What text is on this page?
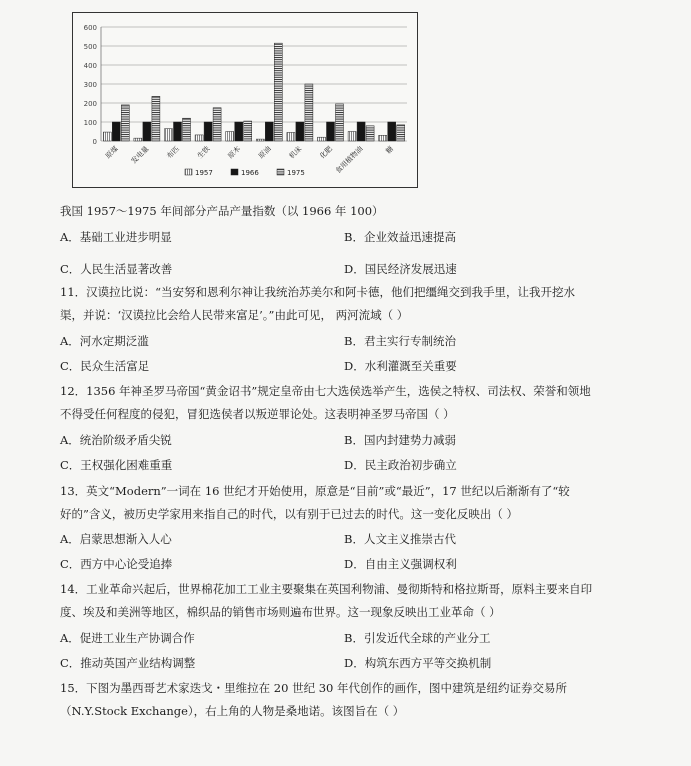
0
100
200
300
400
500
600
原煤 发电量 布匹 生铁 原木 原油 机床 化肥 食用植物油	糖
1957	1966	1975
我国 1957～1975 年间部分产品产量指数（以 1966 年 100）
A．基础工业进步明显	B．企业效益迅速提高
C．人民生活显著改善	D．国民经济发展迅速
11．汉谟拉比说：“当安努和恩利尔神让我统治苏美尔和阿卡德，他们把缰绳交到我手里，让我开挖水
渠，并说：‘汉谟拉比会给人民带来富足’。”由此可见， 两河流域（ ）
A．河水定期泛滥	B．君主实行专制统治
C．民众生活富足	D．水利灌溉至关重要
12．1356 年神圣罗马帝国“黄金诏书”规定皇帝由七大选侯选举产生，选侯之特权、司法权、荣誉和领地
不得受任何程度的侵犯，冒犯选侯者以叛逆罪论处。这表明神圣罗马帝国（ ）
A．统治阶级矛盾尖锐	B．国内封建势力减弱
C．王权强化困难重重	D．民主政治初步确立
13．英文“Modern”一词在 16 世纪才开始使用，原意是“目前”或“最近”，17 世纪以后渐渐有了“较
好的”含义，被历史学家用来指自己的时代，以有别于已过去的时代。这一变化反映出（ ）
A．启蒙思想渐入人心	B．人文主义推崇古代
C．西方中心论受追捧	D．自由主义强调权利
14．工业革命兴起后，世界棉花加工工业主要聚集在英国利物浦、曼彻斯特和格拉斯哥，原料主要来自印
度、埃及和美洲等地区，棉织品的销售市场则遍布世界。这一现象反映出工业革命（ ）
A．促进工业生产协调合作	B．引发近代全球的产业分工
C．推动英国产业结构调整	D．构筑东西方平等交换机制
15．下图为墨西哥艺术家迭戈・里维拉在 20 世纪 30 年代创作的画作，图中建筑是纽约证券交易所
（N.Y.Stock Exchange），右上角的人物是桑地诺。该图旨在（ ）
